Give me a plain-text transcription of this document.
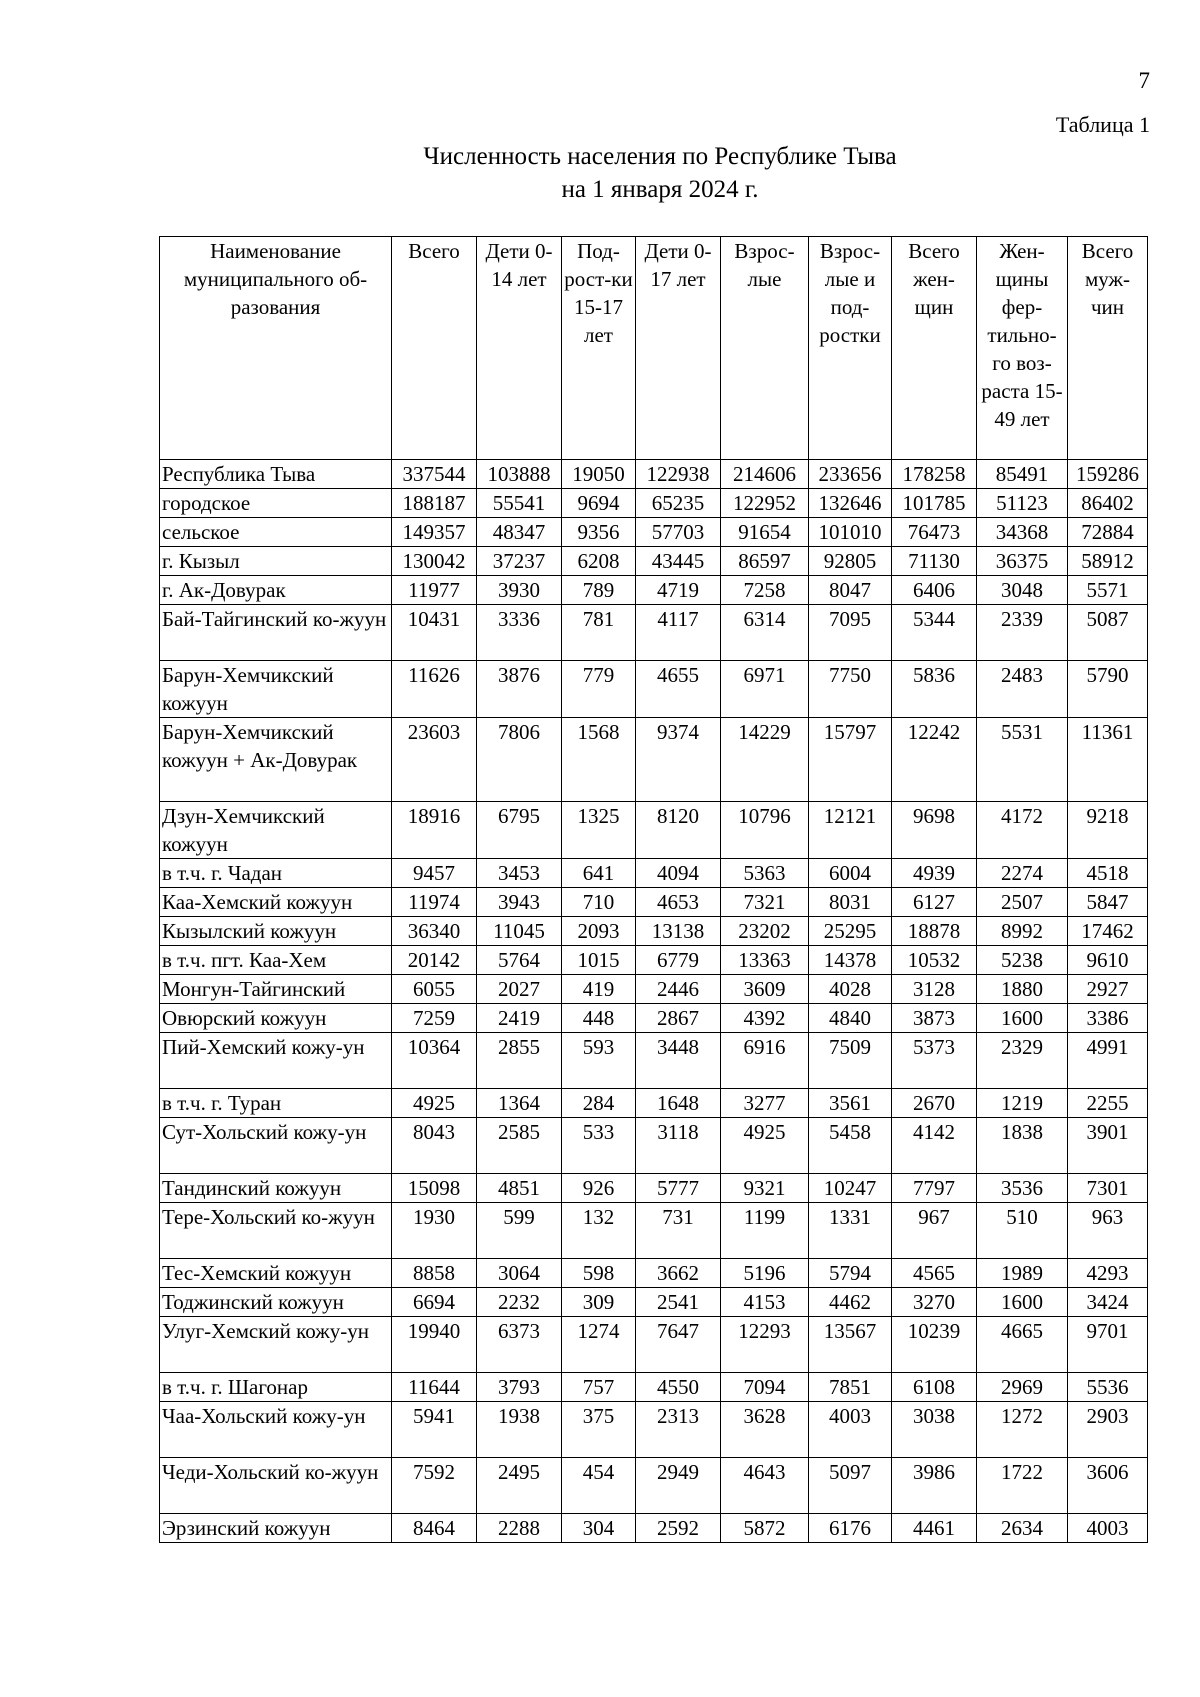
7
Таблица 1
Численность населения по Республике Тыва
на 1 января 2024 г.
Наименование муниципального об-разования	Всего	Дети 0-14 лет	Под-рост-ки 15-17 лет	Дети 0-17 лет	Взрос-лые	Взрос-лые и под-ростки	Всего жен-щин	Жен-щины фер-тильно-го воз-раста 15-49 лет	Всего муж-чин
Республика Тыва	337544	103888	19050	122938	214606	233656	178258	85491	159286
городское	188187	55541	9694	65235	122952	132646	101785	51123	86402
сельское	149357	48347	9356	57703	91654	101010	76473	34368	72884
г. Кызыл	130042	37237	6208	43445	86597	92805	71130	36375	58912
г. Ак-Довурак	11977	3930	789	4719	7258	8047	6406	3048	5571
Бай-Тайгинский ко-жуун	10431	3336	781	4117	6314	7095	5344	2339	5087
Барун-Хемчикский кожуун	11626	3876	779	4655	6971	7750	5836	2483	5790
Барун-Хемчикский кожуун + Ак-Довурак	23603	7806	1568	9374	14229	15797	12242	5531	11361
Дзун-Хемчикский кожуун	18916	6795	1325	8120	10796	12121	9698	4172	9218
в т.ч. г. Чадан	9457	3453	641	4094	5363	6004	4939	2274	4518
Каа-Хемский кожуун	11974	3943	710	4653	7321	8031	6127	2507	5847
Кызылский кожуун	36340	11045	2093	13138	23202	25295	18878	8992	17462
в т.ч. пгт. Каа-Хем	20142	5764	1015	6779	13363	14378	10532	5238	9610
Монгун-Тайгинский	6055	2027	419	2446	3609	4028	3128	1880	2927
Овюрский кожуун	7259	2419	448	2867	4392	4840	3873	1600	3386
Пий-Хемский кожу-ун	10364	2855	593	3448	6916	7509	5373	2329	4991
в т.ч. г. Туран	4925	1364	284	1648	3277	3561	2670	1219	2255
Сут-Хольский кожу-ун	8043	2585	533	3118	4925	5458	4142	1838	3901
Тандинский кожуун	15098	4851	926	5777	9321	10247	7797	3536	7301
Тере-Хольский ко-жуун	1930	599	132	731	1199	1331	967	510	963
Тес-Хемский кожуун	8858	3064	598	3662	5196	5794	4565	1989	4293
Тоджинский кожуун	6694	2232	309	2541	4153	4462	3270	1600	3424
Улуг-Хемский кожу-ун	19940	6373	1274	7647	12293	13567	10239	4665	9701
в т.ч. г. Шагонар	11644	3793	757	4550	7094	7851	6108	2969	5536
Чаа-Хольский кожу-ун	5941	1938	375	2313	3628	4003	3038	1272	2903
Чеди-Хольский ко-жуун	7592	2495	454	2949	4643	5097	3986	1722	3606
Эрзинский кожуун	8464	2288	304	2592	5872	6176	4461	2634	4003
